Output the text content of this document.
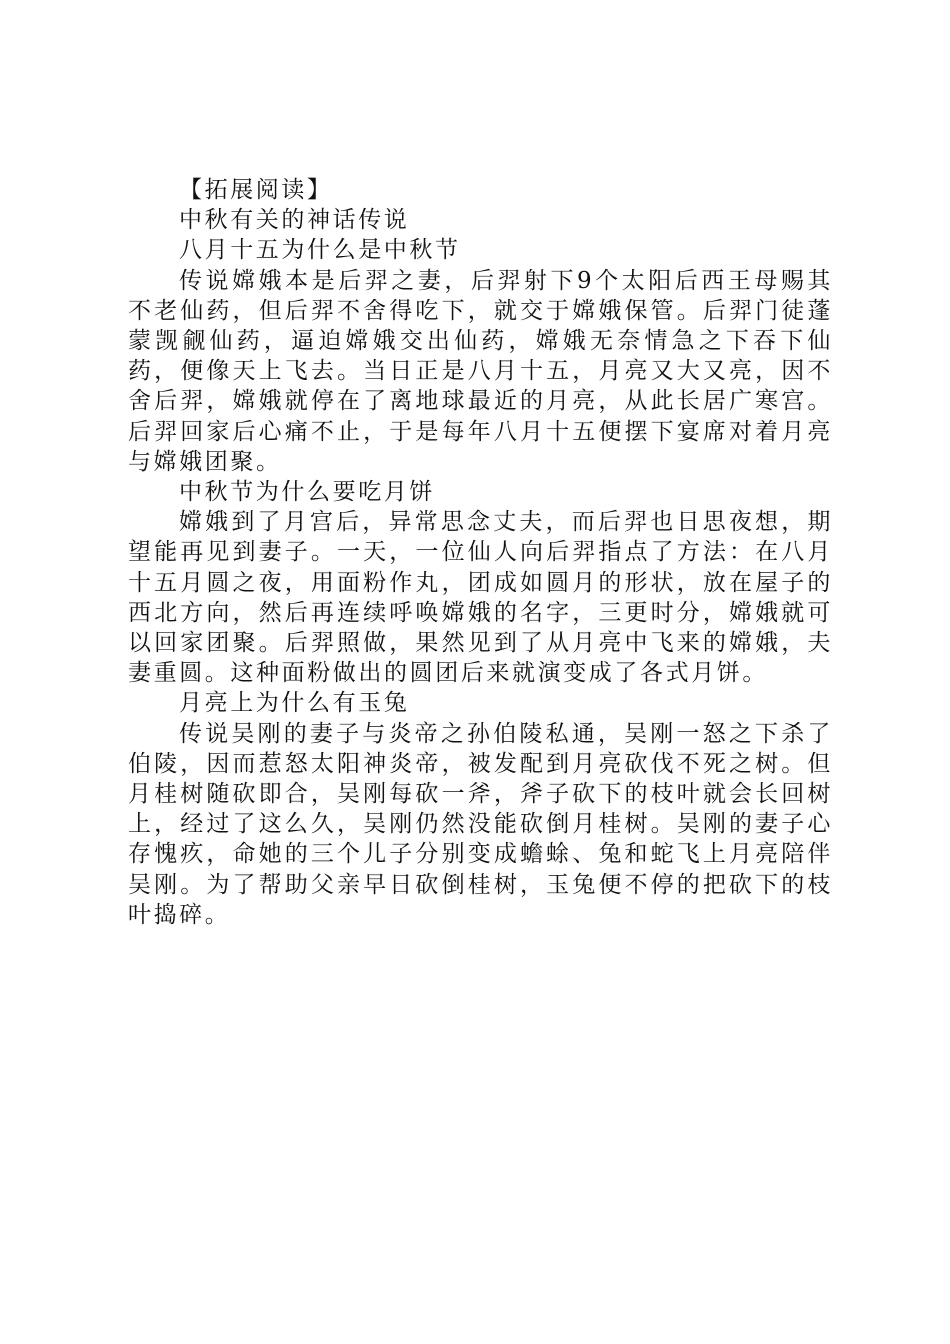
【拓展阅读】

中秋有关的神话传说

八月十五为什么是中秋节

传说嫦娥本是后羿之妻，后羿射下9个太阳后西王母赐其不老仙药，但后羿不舍得吃下，就交于嫦娥保管。后羿门徒蓬蒙觊觎仙药，逼迫嫦娥交出仙药，嫦娥无奈情急之下吞下仙药，便像天上飞去。当日正是八月十五，月亮又大又亮，因不舍后羿，嫦娥就停在了离地球最近的月亮，从此长居广寒宫。后羿回家后心痛不止，于是每年八月十五便摆下宴席对着月亮与嫦娥团聚。

中秋节为什么要吃月饼

嫦娥到了月宫后，异常思念丈夫，而后羿也日思夜想，期望能再见到妻子。一天，一位仙人向后羿指点了方法：在八月十五月圆之夜，用面粉作丸，团成如圆月的形状，放在屋子的西北方向，然后再连续呼唤嫦娥的名字，三更时分，嫦娥就可以回家团聚。后羿照做，果然见到了从月亮中飞来的嫦娥，夫妻重圆。这种面粉做出的圆团后来就演变成了各式月饼。

月亮上为什么有玉兔

传说吴刚的妻子与炎帝之孙伯陵私通，吴刚一怒之下杀了伯陵，因而惹怒太阳神炎帝，被发配到月亮砍伐不死之树。但月桂树随砍即合，吴刚每砍一斧，斧子砍下的枝叶就会长回树上，经过了这么久，吴刚仍然没能砍倒月桂树。吴刚的妻子心存愧疚，命她的三个儿子分别变成蟾蜍、兔和蛇飞上月亮陪伴吴刚。为了帮助父亲早日砍倒桂树，玉兔便不停的把砍下的枝叶捣碎。
